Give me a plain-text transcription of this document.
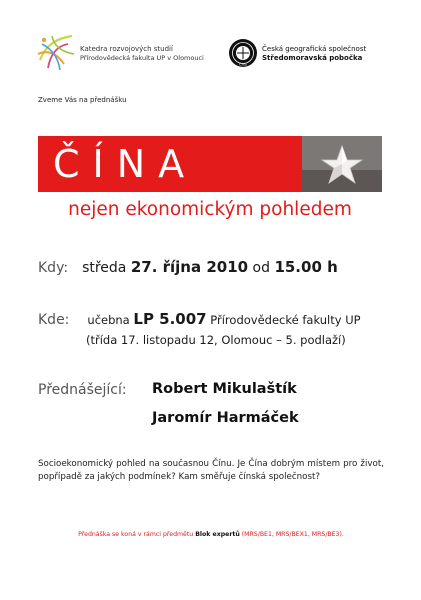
Katedra rozvojových studií
Přírodovědecká fakulta UP v Olomouci
ČGS
Česká geografická společnost
Středomoravská pobočka
Zveme Vás na přednášku
ČÍNA
nejen ekonomickým pohledem
Kdy: středa 27. října 2010 od 15.00 h
Kde: učebna LP 5.007 Přírodovědecké fakulty UP
(třída 17. listopadu 12, Olomouc – 5. podlaží)
Přednášející: Robert Mikulaštík
Jaromír Harmáček
Socioekonomický pohled na současnou Čínu. Je Čína dobrým místem pro život, popřípadě za jakých podmínek? Kam směřuje čínská společnost?
Přednáška se koná v rámci předmětu Blok expertů (MRS/BE1, MRS/BEX1, MRS/BE3).
